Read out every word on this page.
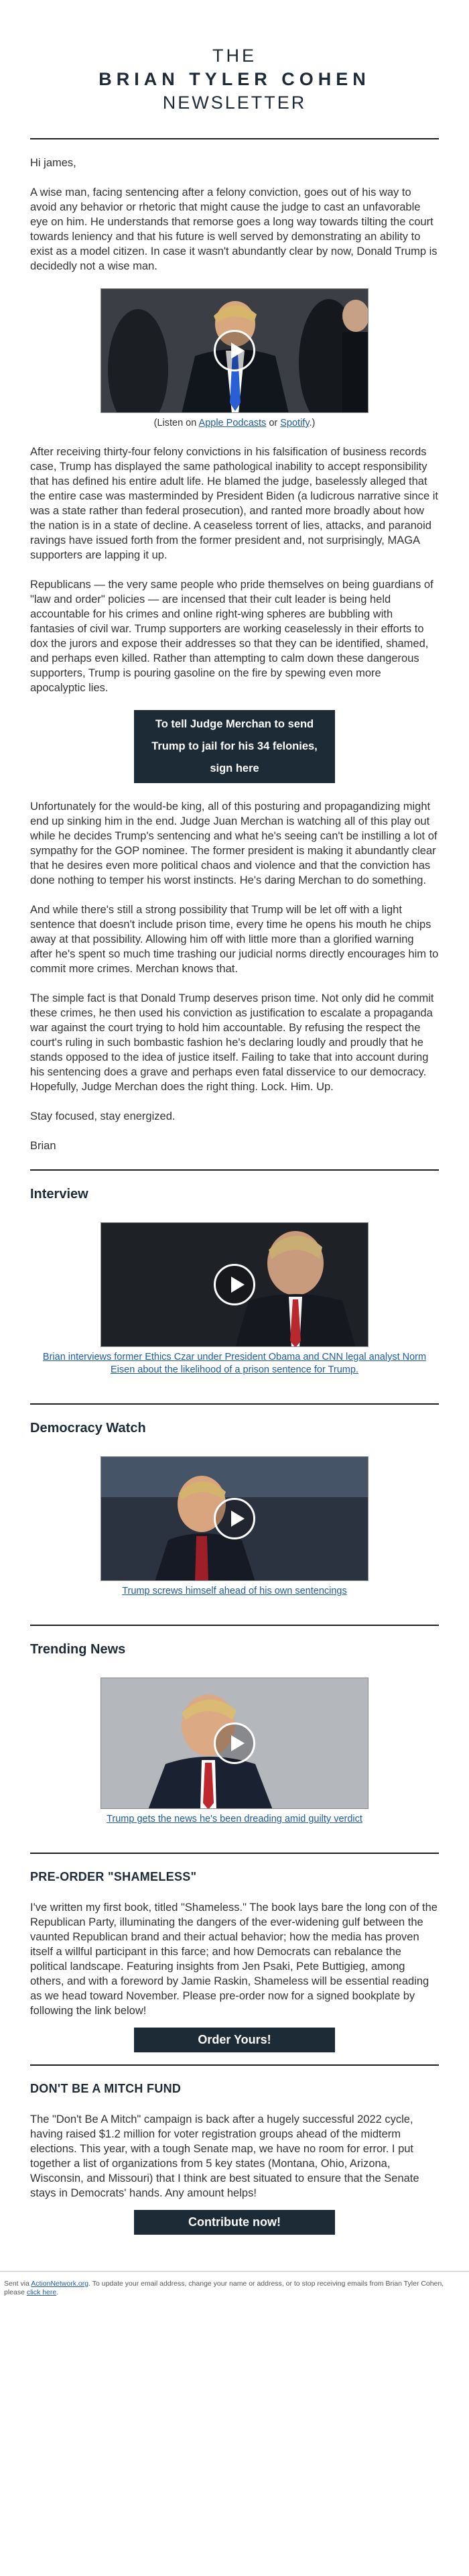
THE
BRIAN TYLER COHEN
NEWSLETTER

Hi james,

A wise man, facing sentencing after a felony conviction, goes out of his way to avoid any behavior or rhetoric that might cause the judge to cast an unfavorable eye on him. He understands that remorse goes a long way towards tilting the court towards leniency and that his future is well served by demonstrating an ability to exist as a model citizen. In case it wasn't abundantly clear by now, Donald Trump is decidedly not a wise man.

(Listen on Apple Podcasts or Spotify.)

After receiving thirty-four felony convictions in his falsification of business records case, Trump has displayed the same pathological inability to accept responsibility that has defined his entire adult life. He blamed the judge, baselessly alleged that the entire case was masterminded by President Biden (a ludicrous narrative since it was a state rather than federal prosecution), and ranted more broadly about how the nation is in a state of decline. A ceaseless torrent of lies, attacks, and paranoid ravings have issued forth from the former president and, not surprisingly, MAGA supporters are lapping it up.

Republicans — the very same people who pride themselves on being guardians of "law and order" policies — are incensed that their cult leader is being held accountable for his crimes and online right-wing spheres are bubbling with fantasies of civil war. Trump supporters are working ceaselessly in their efforts to dox the jurors and expose their addresses so that they can be identified, shamed, and perhaps even killed. Rather than attempting to calm down these dangerous supporters, Trump is pouring gasoline on the fire by spewing even more apocalyptic lies.

To tell Judge Merchan to send Trump to jail for his 34 felonies, sign here

Unfortunately for the would-be king, all of this posturing and propagandizing might end up sinking him in the end. Judge Juan Merchan is watching all of this play out while he decides Trump's sentencing and what he's seeing can't be instilling a lot of sympathy for the GOP nominee. The former president is making it abundantly clear that he desires even more political chaos and violence and that the conviction has done nothing to temper his worst instincts. He's daring Merchan to do something.

And while there's still a strong possibility that Trump will be let off with a light sentence that doesn't include prison time, every time he opens his mouth he chips away at that possibility. Allowing him off with little more than a glorified warning after he's spent so much time trashing our judicial norms directly encourages him to commit more crimes. Merchan knows that.

The simple fact is that Donald Trump deserves prison time. Not only did he commit these crimes, he then used his conviction as justification to escalate a propaganda war against the court trying to hold him accountable. By refusing the respect the court's ruling in such bombastic fashion he's declaring loudly and proudly that he stands opposed to the idea of justice itself. Failing to take that into account during his sentencing does a grave and perhaps even fatal disservice to our democracy. Hopefully, Judge Merchan does the right thing. Lock. Him. Up.

Stay focused, stay energized.

Brian

Interview
Brian interviews former Ethics Czar under President Obama and CNN legal analyst Norm Eisen about the likelihood of a prison sentence for Trump.
Democracy Watch
Trump screws himself ahead of his own sentencings
Trending News
Trump gets the news he's been dreading amid guilty verdict
PRE-ORDER "SHAMELESS"

I've written my first book, titled "Shameless." The book lays bare the long con of the Republican Party, illuminating the dangers of the ever-widening gulf between the vaunted Republican brand and their actual behavior; how the media has proven itself a willful participant in this farce; and how Democrats can rebalance the political landscape. Featuring insights from Jen Psaki, Pete Buttigieg, among others, and with a foreword by Jamie Raskin, Shameless will be essential reading as we head toward November. Please pre-order now for a signed bookplate by following the link below!

Order Yours!
DON'T BE A MITCH FUND

The "Don't Be A Mitch" campaign is back after a hugely successful 2022 cycle, having raised $1.2 million for voter registration groups ahead of the midterm elections. This year, with a tough Senate map, we have no room for error. I put together a list of organizations from 5 key states (Montana, Ohio, Arizona, Wisconsin, and Missouri) that I think are best situated to ensure that the Senate stays in Democrats' hands. Any amount helps!

Contribute now!
Sent via ActionNetwork.org. To update your email address, change your name or address, or to stop receiving emails from Brian Tyler Cohen, please click here.
